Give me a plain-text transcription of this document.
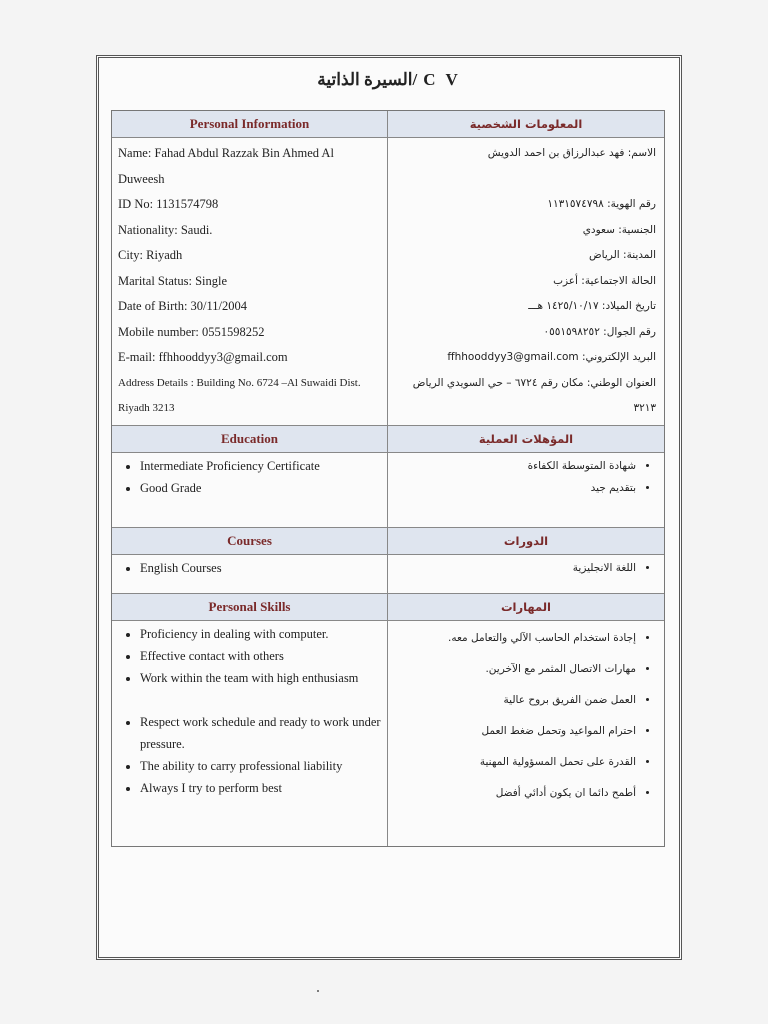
السيرة الذاتية/ C V
Personal Information	المعلومات الشخصية
Name: Fahad Abdul Razzak Bin Ahmed Al
Duweesh
ID No: 1131574798
Nationality: Saudi.
City: Riyadh
Marital Status: Single
Date of Birth: 30/11/2004
Mobile number: 0551598252
E-mail: ffhhooddyy3@gmail.com
Address Details : Building No. 6724 –Al Suwaidi Dist.
Riyadh 3213
الاسم: فهد عبدالرزاق بن احمد الدويش
رقم الهوية: ١١٣١٥٧٤٧٩٨
الجنسية: سعودي
المدينة: الرياض
الحالة الاجتماعية: أعزب
تاريخ الميلاد: ١٤٢٥/١٠/١٧ هـــ
رقم الجوال: ٠٥٥١٥٩٨٢٥٢
البريد الإلكتروني: ffhhooddyy3@gmail.com
العنوان الوطني: مكان رقم ٦٧٢٤ – حي السويدي الرياض
٣٢١٣
Education	المؤهلات العملية
• Intermediate Proficiency Certificate
• Good Grade
• شهادة المتوسطة الكفاءة
• بتقديم جيد
Courses	الدورات
• English Courses
•	اللغة الانجليزية
Personal Skills	المهارات
• Proficiency in dealing with computer.
• Effective contact with others
• Work within the team with high enthusiasm
• Respect work schedule and ready to work under pressure.
• The ability to carry professional liability
• Always I try to perform best
• إجادة استخدام الحاسب الآلي والتعامل معه.
• مهارات الاتصال المثمر مع الآخرين.
• العمل ضمن الفريق بروح عالية
• احترام المواعيد وتحمل ضغط العمل
• القدرة على تحمل المسؤولية المهنية
• أطمح دائما ان يكون أدائي أفضل
